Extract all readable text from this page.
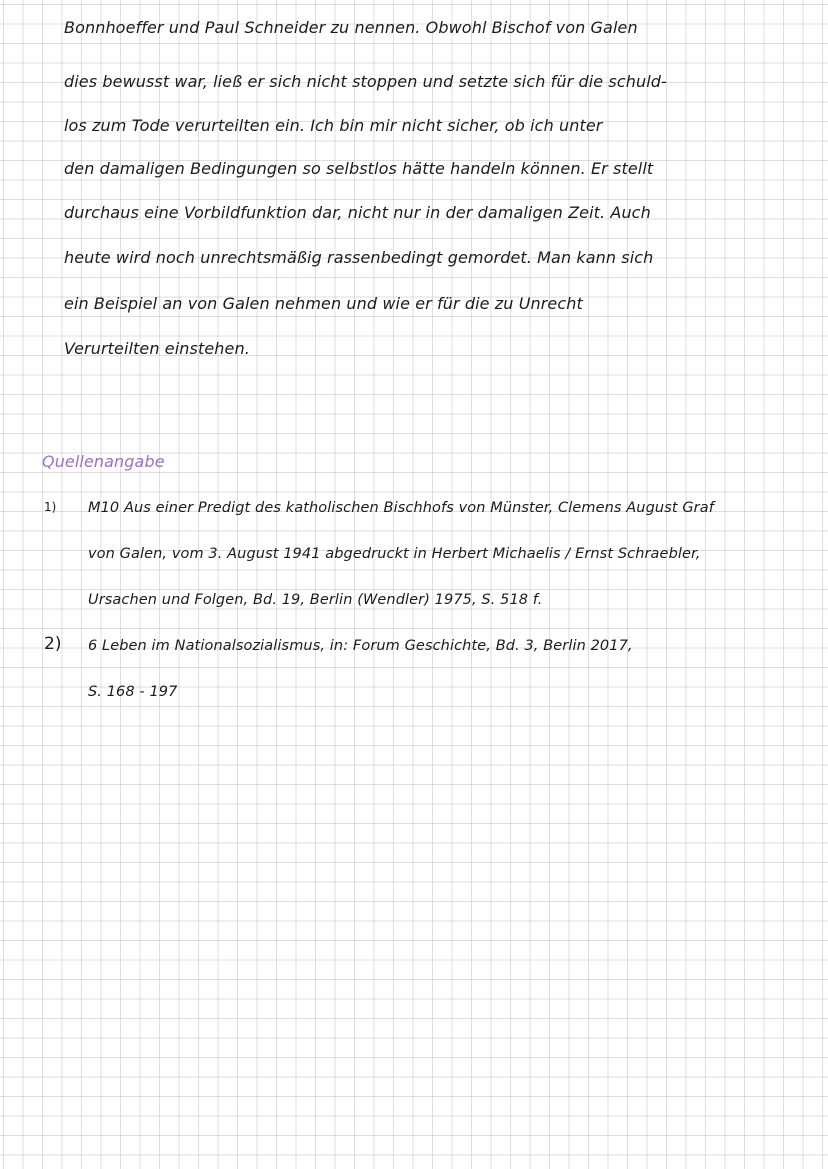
Bonnhoeffer und Paul Schneider zu nennen. Obwohl Bischof von Galen
dies bewusst war, ließ er sich nicht stoppen und setzte sich für die schuld-
los zum Tode verurteilten ein. Ich bin mir nicht sicher, ob ich unter
den damaligen Bedingungen so selbstlos hätte handeln können. Er stellt
durchaus eine Vorbildfunktion dar, nicht nur in der damaligen Zeit. Auch
heute wird noch unrechtsmäßig rassenbedingt gemordet. Man kann sich
ein Beispiel an von Galen nehmen und wie er für die zu Unrecht
Verurteilten einstehen.
Quellenangabe
1) M10 Aus einer Predigt des katholischen Bischhofs von Münster, Clemens August Graf
von Galen, vom 3. August 1941 abgedruckt in Herbert Michaelis / Ernst Schraebler,
Ursachen und Folgen, Bd. 19, Berlin (Wendler) 1975, S. 518 f.
2) 6 Leben im Nationalsozialismus, in: Forum Geschichte, Bd. 3, Berlin 2017,
S. 168 - 197
